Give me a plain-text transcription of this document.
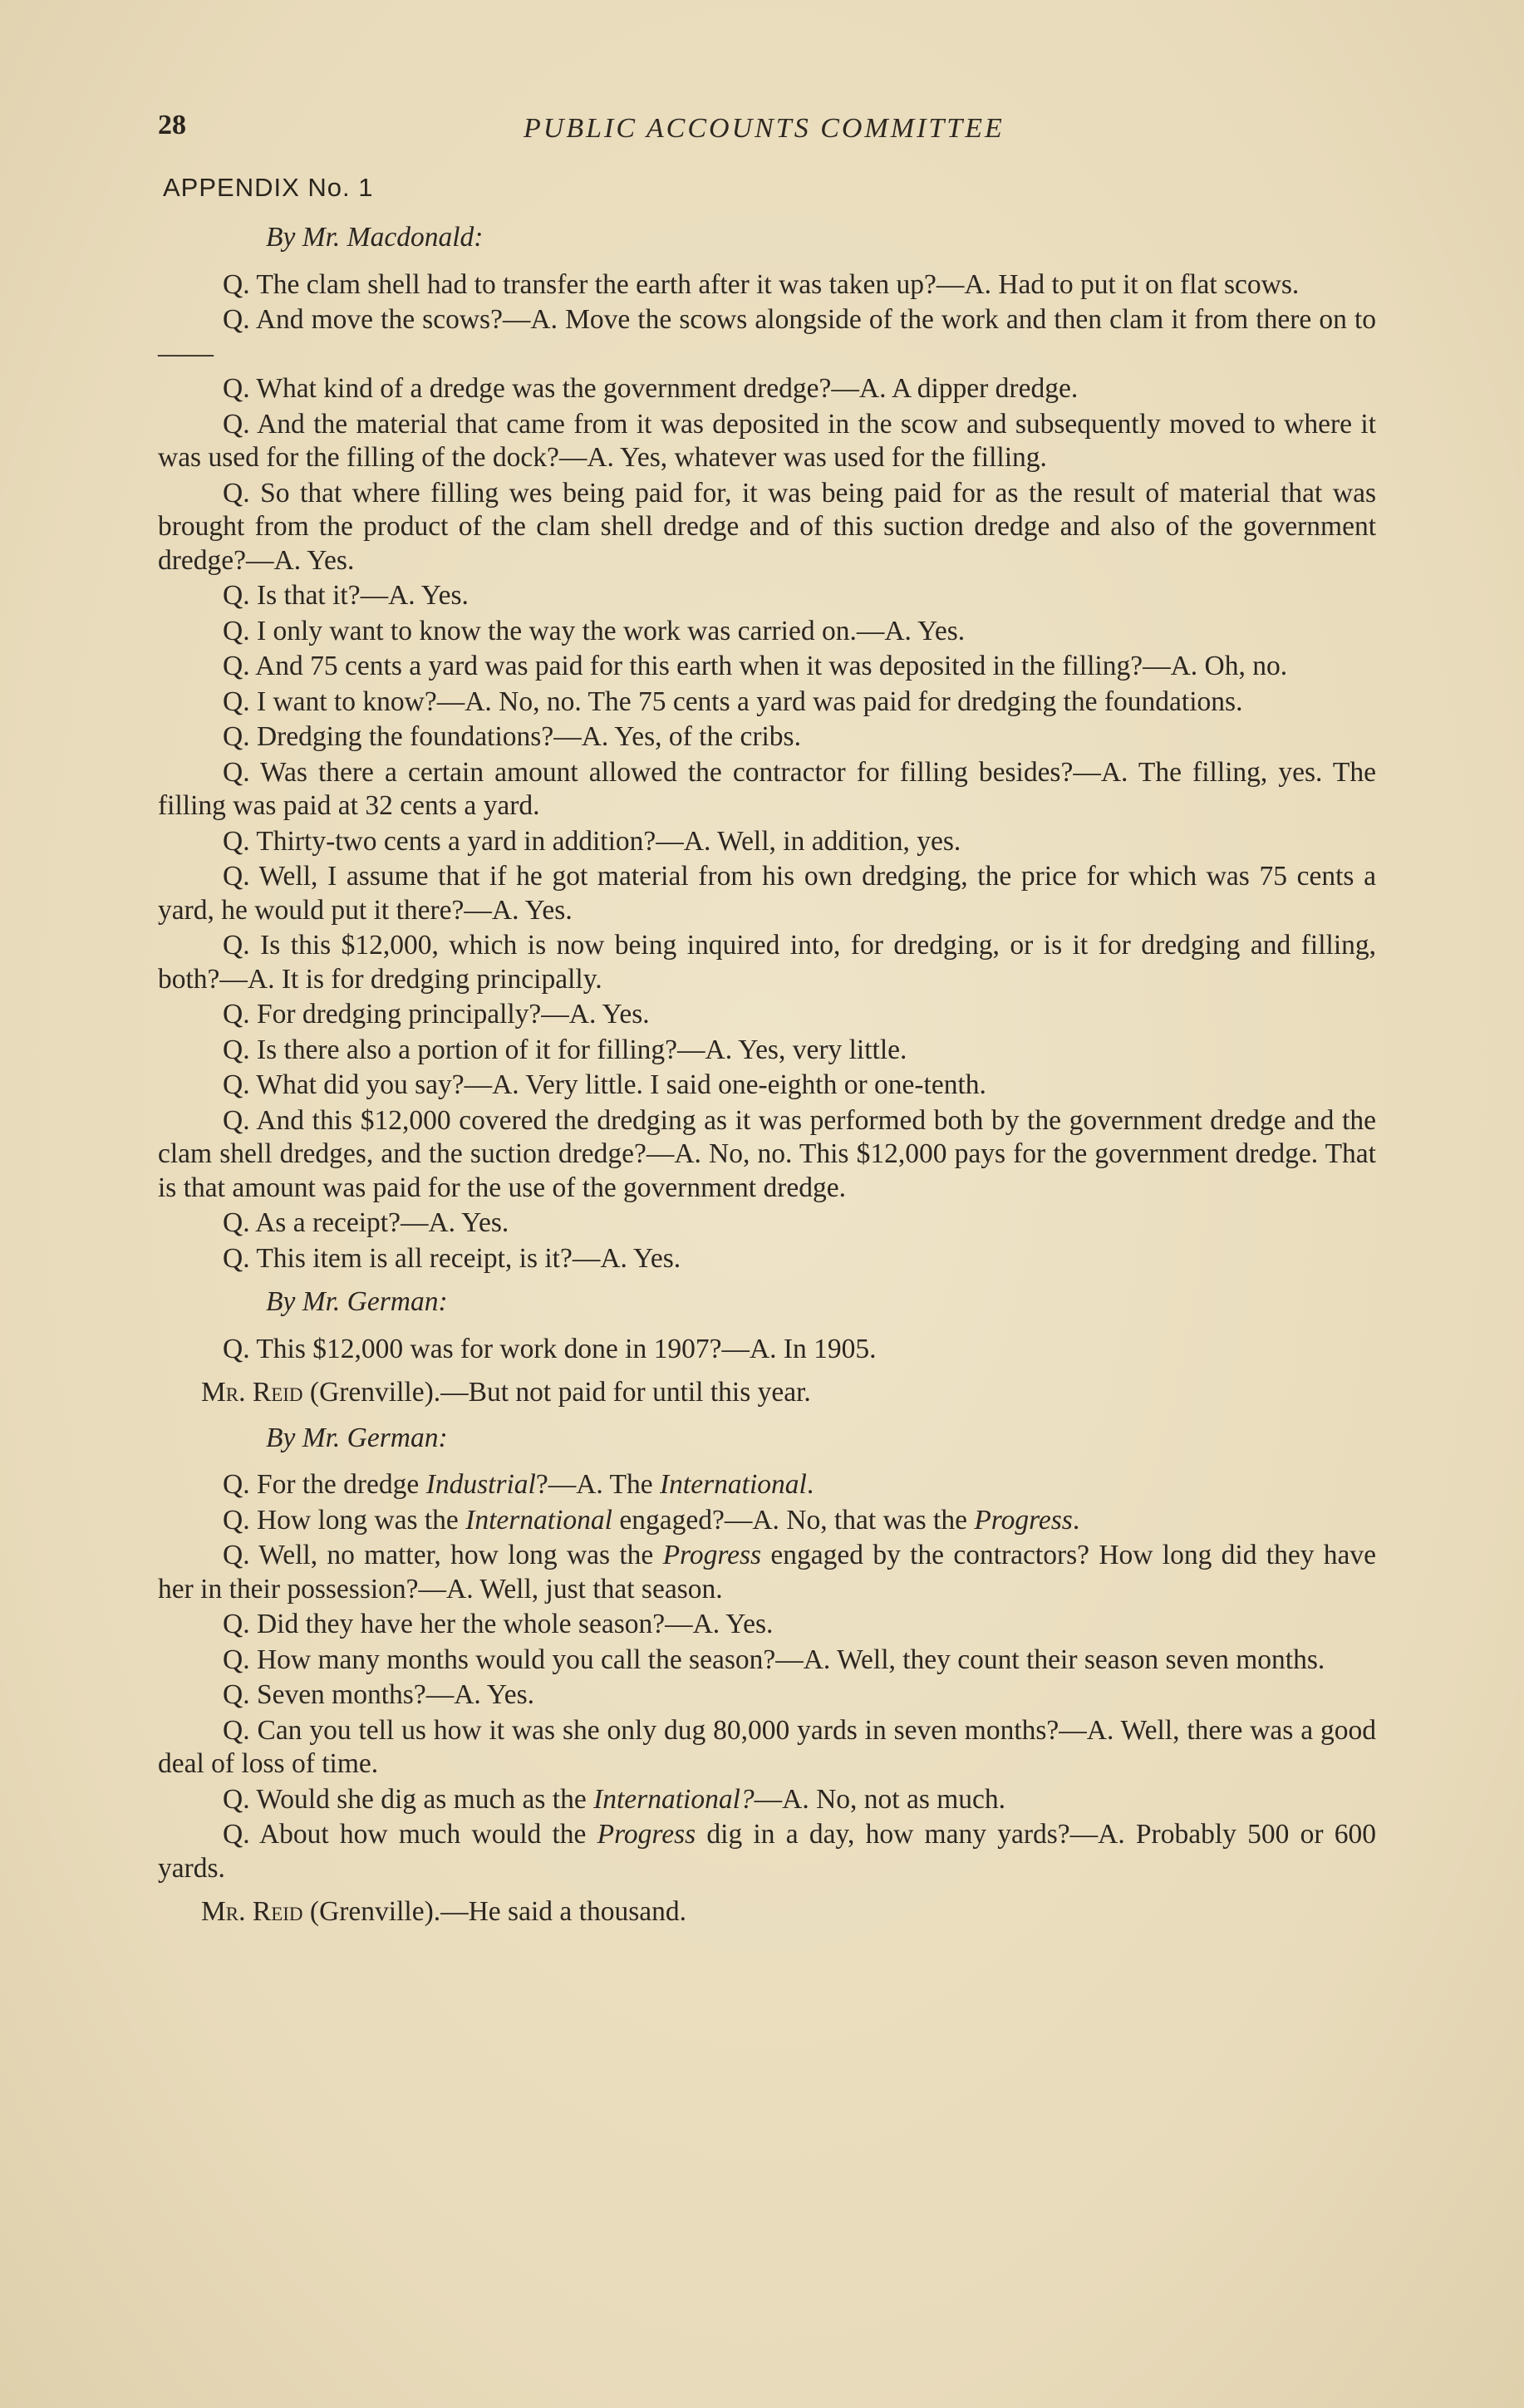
28	PUBLIC ACCOUNTS COMMITTEE
APPENDIX No. 1

By Mr. Macdonald:

Q. The clam shell had to transfer the earth after it was taken up?—A. Had to put it on flat scows.

Q. And move the scows?—A. Move the scows alongside of the work and then clam it from there on to——

Q. What kind of a dredge was the government dredge?—A. A dipper dredge.

Q. And the material that came from it was deposited in the scow and subsequently moved to where it was used for the filling of the dock?—A. Yes, whatever was used for the filling.

Q. So that where filling wes being paid for, it was being paid for as the result of material that was brought from the product of the clam shell dredge and of this suction dredge and also of the government dredge?—A. Yes.

Q. Is that it?—A. Yes.

Q. I only want to know the way the work was carried on.—A. Yes.

Q. And 75 cents a yard was paid for this earth when it was deposited in the filling?—A. Oh, no.

Q. I want to know?—A. No, no. The 75 cents a yard was paid for dredging the foundations.

Q. Dredging the foundations?—A. Yes, of the cribs.

Q. Was there a certain amount allowed the contractor for filling besides?—A. The filling, yes. The filling was paid at 32 cents a yard.

Q. Thirty-two cents a yard in addition?—A. Well, in addition, yes.

Q. Well, I assume that if he got material from his own dredging, the price for which was 75 cents a yard, he would put it there?—A. Yes.

Q. Is this $12,000, which is now being inquired into, for dredging, or is it for dredging and filling, both?—A. It is for dredging principally.

Q. For dredging principally?—A. Yes.

Q. Is there also a portion of it for filling?—A. Yes, very little.

Q. What did you say?—A. Very little. I said one-eighth or one-tenth.

Q. And this $12,000 covered the dredging as it was performed both by the government dredge and the clam shell dredges, and the suction dredge?—A. No, no. This $12,000 pays for the government dredge. That is that amount was paid for the use of the government dredge.

Q. As a receipt?—A. Yes.

Q. This item is all receipt, is it?—A. Yes.

By Mr. German:

Q. This $12,000 was for work done in 1907?—A. In 1905.

Mr. Reid (Grenville).—But not paid for until this year.

By Mr. German:

Q. For the dredge Industrial?—A. The International.

Q. How long was the International engaged?—A. No, that was the Progress.

Q. Well, no matter, how long was the Progress engaged by the contractors? How long did they have her in their possession?—A. Well, just that season.

Q. Did they have her the whole season?—A. Yes.

Q. How many months would you call the season?—A. Well, they count their season seven months.

Q. Seven months?—A. Yes.

Q. Can you tell us how it was she only dug 80,000 yards in seven months?—A. Well, there was a good deal of loss of time.

Q. Would she dig as much as the International?—A. No, not as much.

Q. About how much would the Progress dig in a day, how many yards?—A. Probably 500 or 600 yards.

Mr. Reid (Grenville).—He said a thousand.
